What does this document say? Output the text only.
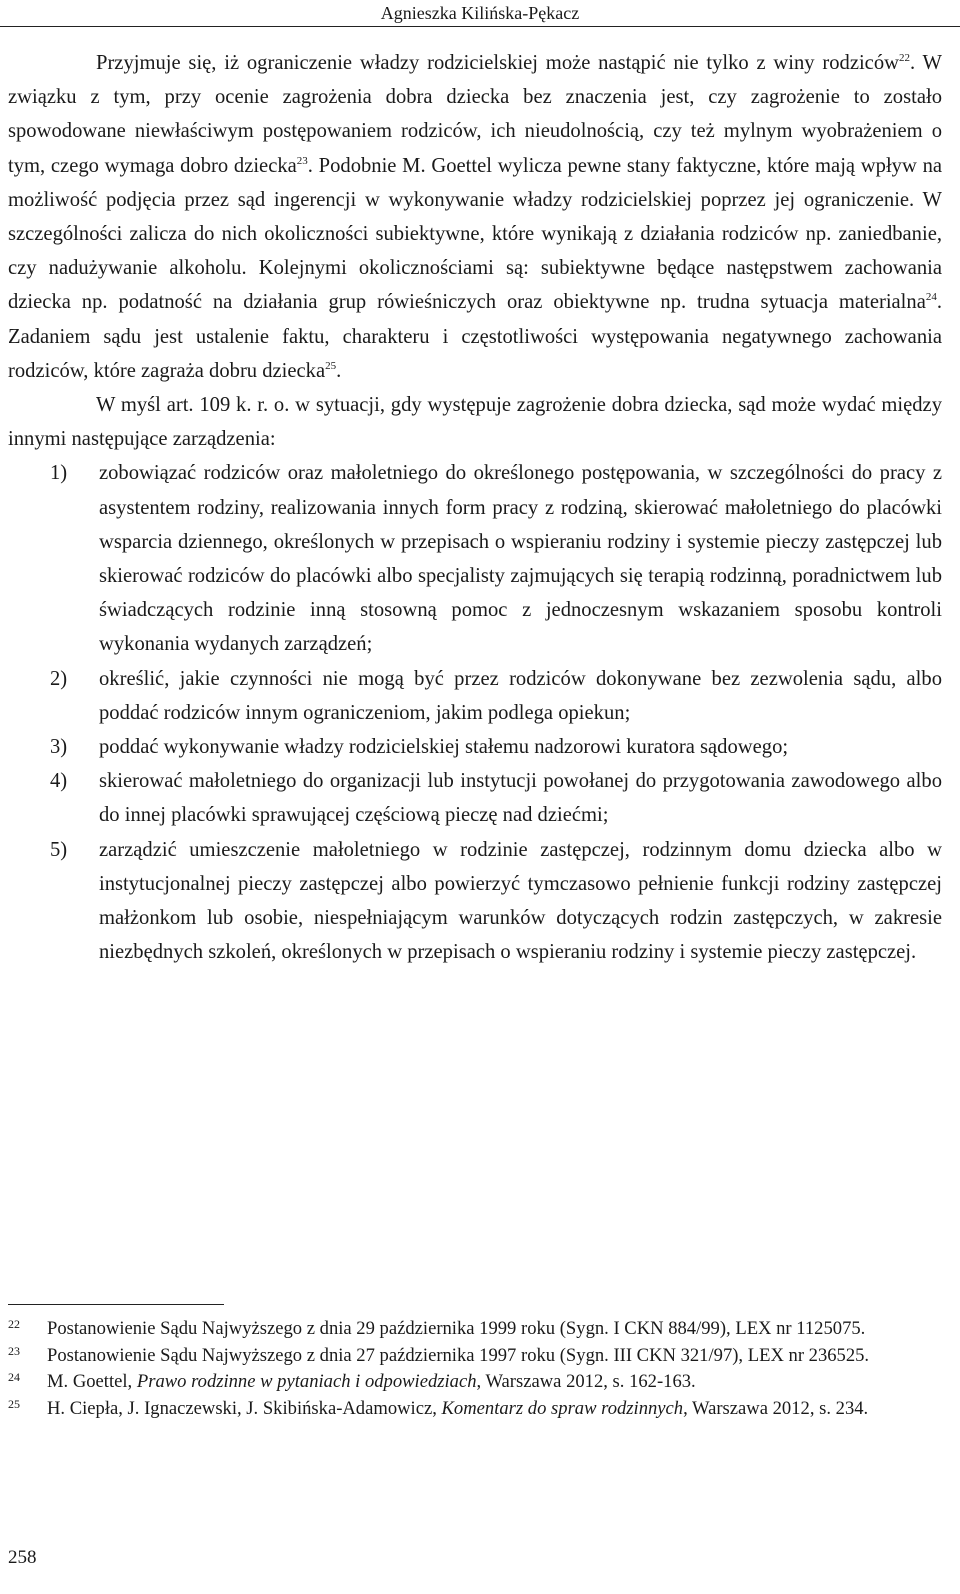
Agnieszka Kilińska-Pękacz

Przyjmuje się, iż ograniczenie władzy rodzicielskiej może nastąpić nie tylko z winy rodziców$^{22}$. W związku z tym, przy ocenie zagrożenia dobra dziecka bez znaczenia jest, czy zagrożenie to zostało spowodowane niewłaściwym postępowaniem rodziców, ich nieudolnością, czy też mylnym wyobrażeniem o tym, czego wymaga dobro dziecka$^{23}$. Podobnie M. Goettel wylicza pewne stany faktyczne, które mają wpływ na możliwość podjęcia przez sąd ingerencji w wykonywanie władzy rodzicielskiej poprzez jej ograniczenie. W szczególności zalicza do nich okoliczności subiektywne, które wynikają z działania rodziców np. zaniedbanie, czy nadużywanie alkoholu. Kolejnymi okolicznościami są: subiektywne będące następstwem zachowania dziecka np. podatność na działania grup rówieśniczych oraz obiektywne np. trudna sytuacja materialna$^{24}$. Zadaniem sądu jest ustalenie faktu, charakteru i częstotliwości występowania negatywnego zachowania rodziców, które zagraża dobru dziecka$^{25}$.

W myśl art. 109 k. r. o. w sytuacji, gdy występuje zagrożenie dobra dziecka, sąd może wydać między innymi następujące zarządzenia:

1) zobowiązać rodziców oraz małoletniego do określonego postępowania, w szczególności do pracy z asystentem rodziny, realizowania innych form pracy z rodziną, skierować małoletniego do placówki wsparcia dziennego, określonych w przepisach o wspieraniu rodziny i systemie pieczy zastępczej lub skierować rodziców do placówki albo specjalisty zajmujących się terapią rodzinną, poradnictwem lub świadczących rodzinie inną stosowną pomoc z jednoczesnym wskazaniem sposobu kontroli wykonania wydanych zarządzeń;
2) określić, jakie czynności nie mogą być przez rodziców dokonywane bez zezwolenia sądu, albo poddać rodziców innym ograniczeniom, jakim podlega opiekun;
3) poddać wykonywanie władzy rodzicielskiej stałemu nadzorowi kuratora sądowego;
4) skierować małoletniego do organizacji lub instytucji powołanej do przygotowania zawodowego albo do innej placówki sprawującej częściową pieczę nad dziećmi;
5) zarządzić umieszczenie małoletniego w rodzinie zastępczej, rodzinnym domu dziecka albo w instytucjonalnej pieczy zastępczej albo powierzyć tymczasowo pełnienie funkcji rodziny zastępczej małżonkom lub osobie, niespełniającym warunków dotyczących rodzin zastępczych, w zakresie niezbędnych szkoleń, określonych w przepisach o wspieraniu rodziny i systemie pieczy zastępczej.
22 Postanowienie Sądu Najwyższego z dnia 29 października 1999 roku (Sygn. I CKN 884/99), LEX nr 1125075.
23 Postanowienie Sądu Najwyższego z dnia 27 października 1997 roku (Sygn. III CKN 321/97), LEX nr 236525.
24 M. Goettel, Prawo rodzinne w pytaniach i odpowiedziach, Warszawa 2012, s. 162-163.
25 H. Ciepła, J. Ignaczewski, J. Skibińska-Adamowicz, Komentarz do spraw rodzinnych, Warszawa 2012, s. 234.
258
